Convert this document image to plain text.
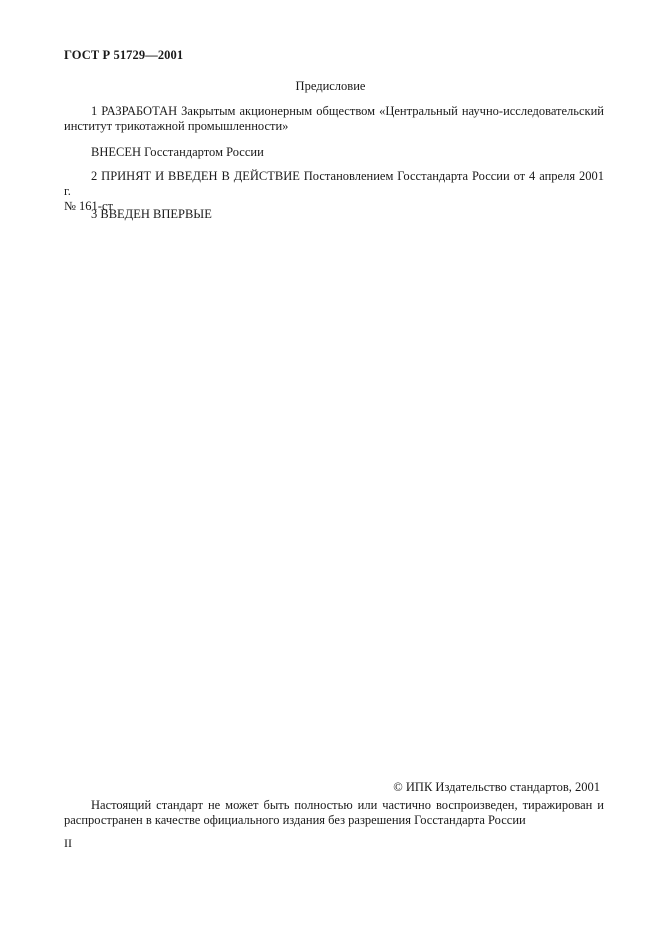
ГОСТ Р 51729—2001
Предисловие
1 РАЗРАБОТАН Закрытым акционерным обществом «Центральный научно-исследовательский институт трикотажной промышленности»
ВНЕСЕН Госстандартом России
2 ПРИНЯТ И ВВЕДЕН В ДЕЙСТВИЕ Постановлением Госстандарта России от 4 апреля 2001 г.
№ 161-ст
3 ВВЕДЕН ВПЕРВЫЕ
© ИПК Издательство стандартов, 2001
Настоящий стандарт не может быть полностью или частично воспроизведен, тиражирован и распространен в качестве официального издания без разрешения Госстандарта России
II
